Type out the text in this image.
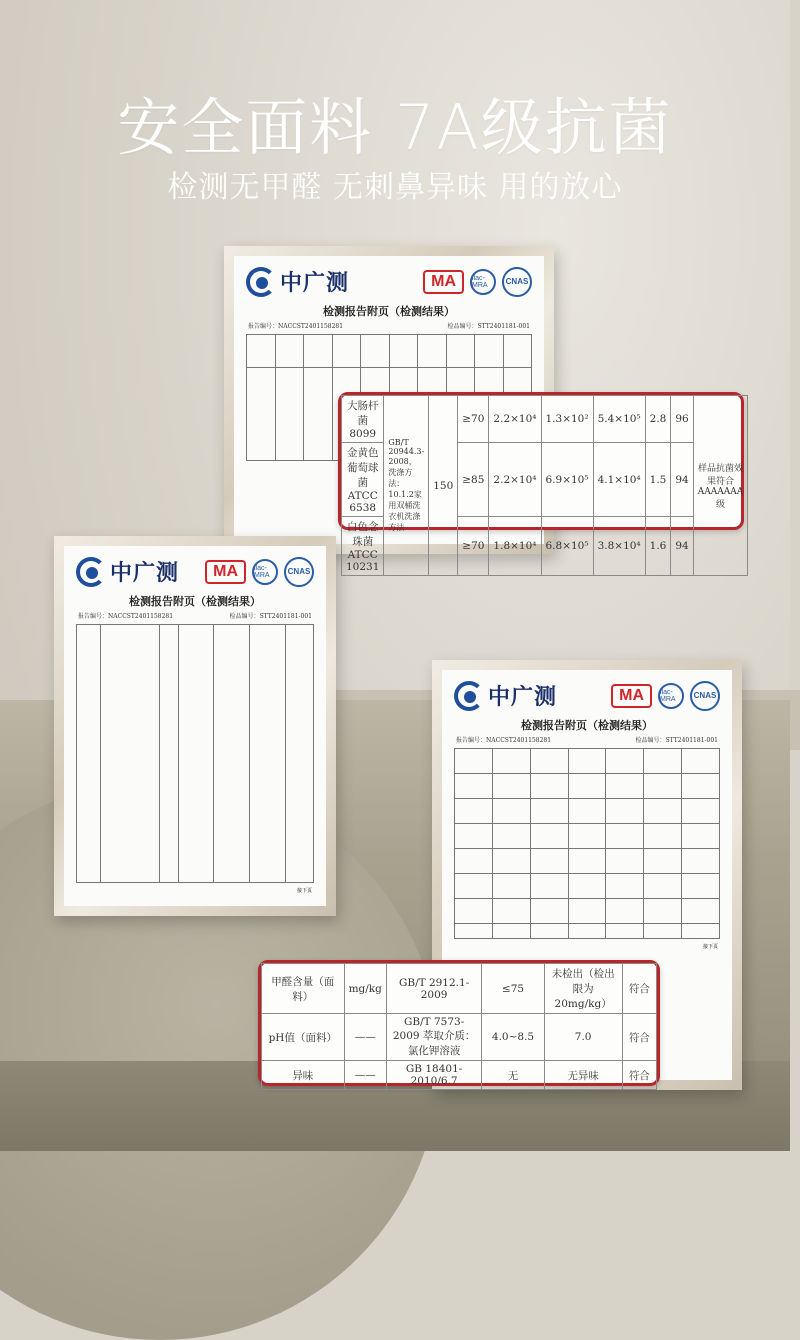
安全面料 7A级抗菌
检测无甲醛 无刺鼻异味 用的放心
中广测	MA	ilac-MRA	CNAS
检测报告附页（检测结果）
报告编号：NACCST2401158281	检品编号：STT2401181-001

中广测	MA	ilac-MRA	CNAS
检测报告附页（检测结果）
报告编号：NACCST2401158281	检品编号：STT2401181-001

接下页
中广测	MA	ilac-MRA	CNAS
检测报告附页（检测结果）
报告编号：NACCST2401158281	检品编号：STT2401181-001

接下页
大肠杆菌
8099	GB/T 20944.3-2008，洗涤方法：10.1.2家用双桶洗衣机洗涤方法	150	≥70	2.2×10⁴	1.3×10²	5.4×10⁵	2.8	96	样品抗菌效果符合AAAAAAA级
金黄色葡萄球菌
ATCC 6538			≥85	2.2×10⁴	6.9×10⁵	4.1×10⁴	1.5	94	
白色念珠菌
ATCC 10231			≥70	1.8×10⁴	6.8×10⁵	3.8×10⁴	1.6	94	
甲醛含量（面料）	mg/kg	GB/T 2912.1-2009	≤75	未检出（检出限为20mg/kg）	符合
pH值（面料）	——	GB/T 7573-2009 萃取介质：氯化钾溶液	4.0~8.5	7.0	符合
异味	——	GB 18401-2010/6.7	无	无异味	符合
